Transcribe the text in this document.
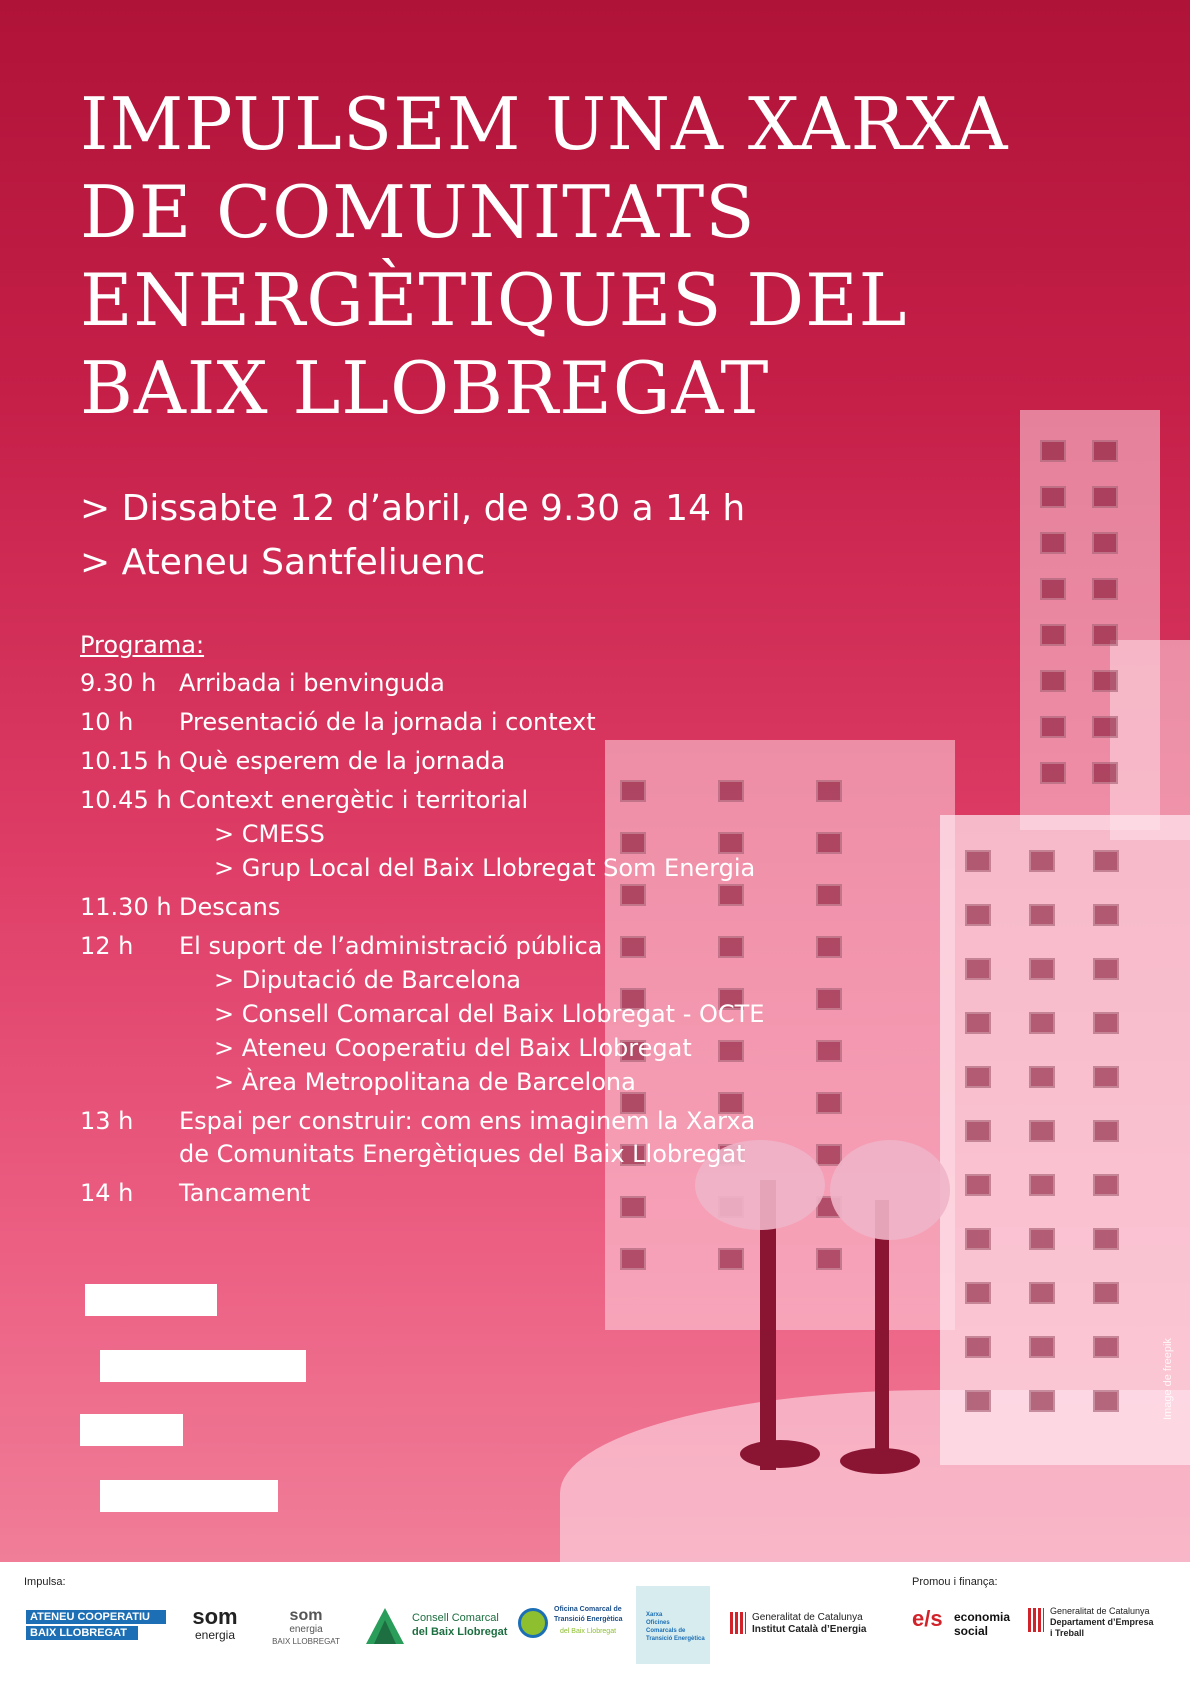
IMPULSEM UNA XARXA
DE COMUNITATS
ENERGÈTIQUES DEL
BAIX LLOBREGAT
> Dissabte 12 d’abril, de 9.30 a 14 h
> Ateneu Santfeliuenc
Programa:
9.30 h Arribada i benvinguda
10 h	Presentació de la jornada i context
10.15 h Què esperem de la jornada
10.45 h Context energètic i territorial
> CMESS
> Grup Local del Baix Llobregat Som Energia
11.30 h Descans
12 h	El suport de l’administració pública
> Diputació de Barcelona
> Consell Comarcal del Baix Llobregat - OCTE
> Ateneu Cooperatiu del Baix Llobregat
> Àrea Metropolitana de Barcelona
13 h	Espai per construir: com ens imaginem la Xarxa
de Comunitats Energètiques del Baix Llobregat
14 h	Tancament
Image de freepik
Impulsa:	Promou i finança:
ATENEU COOPERATIU
BAIX LLOBREGAT
som
energia
som
energia
BAIX LLOBREGAT
Consell Comarcal
del Baix Llobregat
Oficina Comarcal de
Transició Energètica
del Baix Llobregat
Xarxa
Oficines
Comarcals de
Transició Energètica
Generalitat de Catalunya
Institut Català d’Energia e/s economia
social
Generalitat de Catalunya
Departament d’Empresa
i Treball
